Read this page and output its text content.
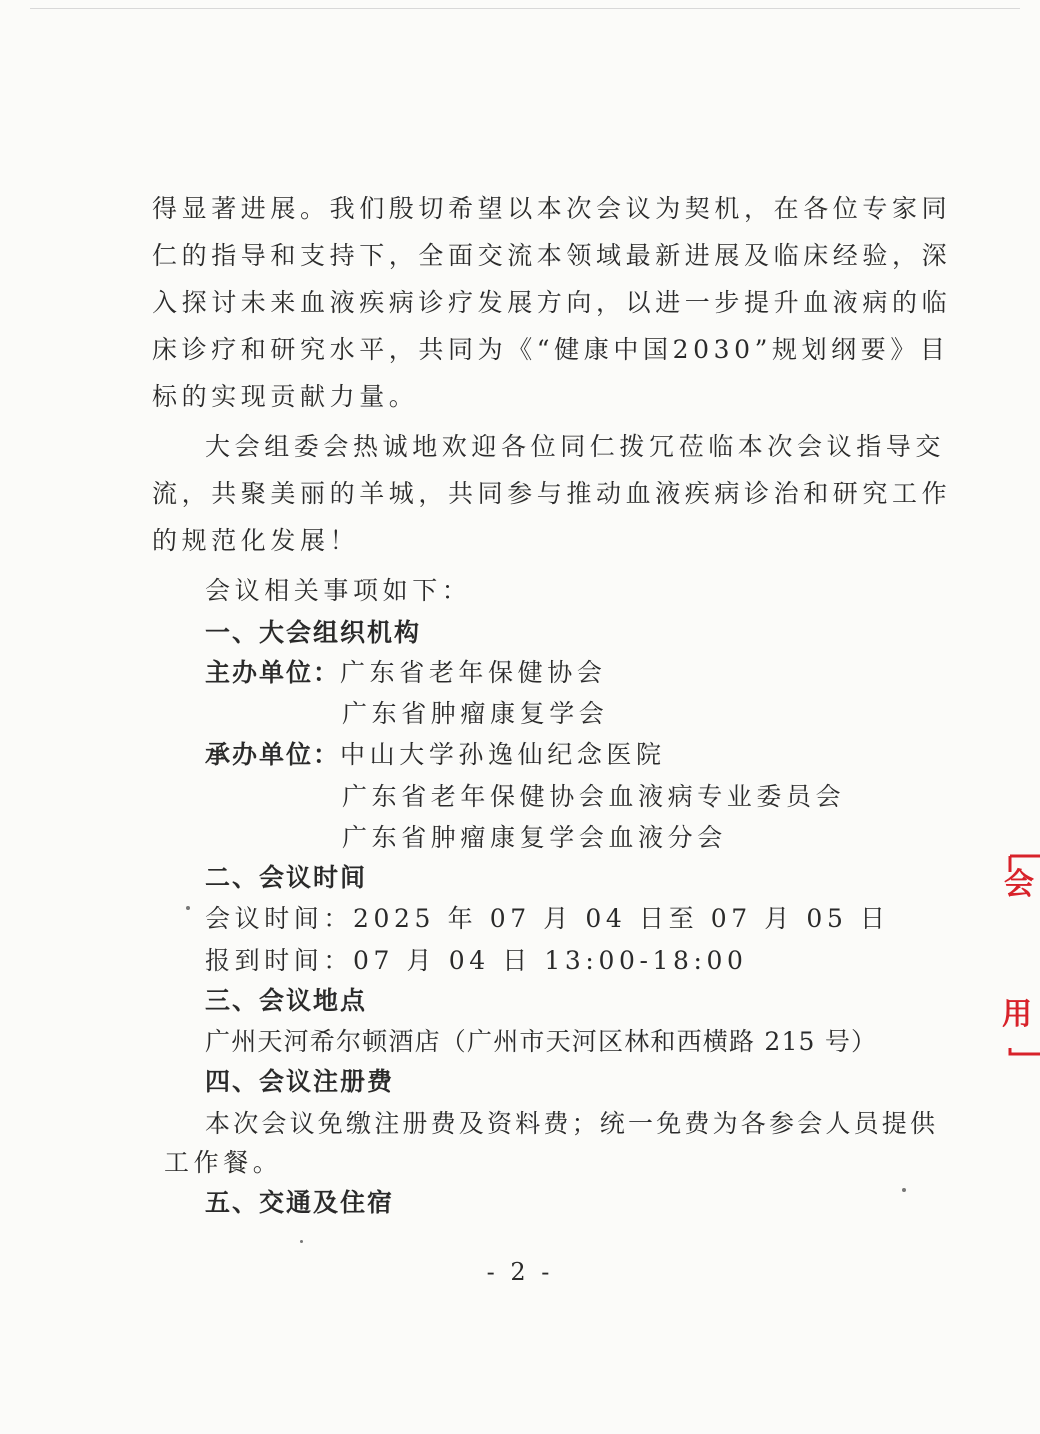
得显著进展。我们殷切希望以本次会议为契机，在各位专家同
仁的指导和支持下，全面交流本领域最新进展及临床经验，深
入探讨未来血液疾病诊疗发展方向，以进一步提升血液病的临
床诊疗和研究水平，共同为《“健康中国2030”规划纲要》目
标的实现贡献力量。
大会组委会热诚地欢迎各位同仁拨冗莅临本次会议指导交
流，共聚美丽的羊城，共同参与推动血液疾病诊治和研究工作
的规范化发展！
会议相关事项如下：
一、大会组织机构
主办单位：广东省老年保健协会
广东省肿瘤康复学会
承办单位：中山大学孙逸仙纪念医院
广东省老年保健协会血液病专业委员会
广东省肿瘤康复学会血液分会
二、会议时间
会议时间：2025 年 07 月 04 日至 07 月 05 日
报到时间：07 月 04 日 13:00-18:00
三、会议地点
广州天河希尔顿酒店（广州市天河区林和西横路 215 号）
四、会议注册费
本次会议免缴注册费及资料费；统一免费为各参会人员提供
工作餐。
五、交通及住宿
- 2 -
会
用
